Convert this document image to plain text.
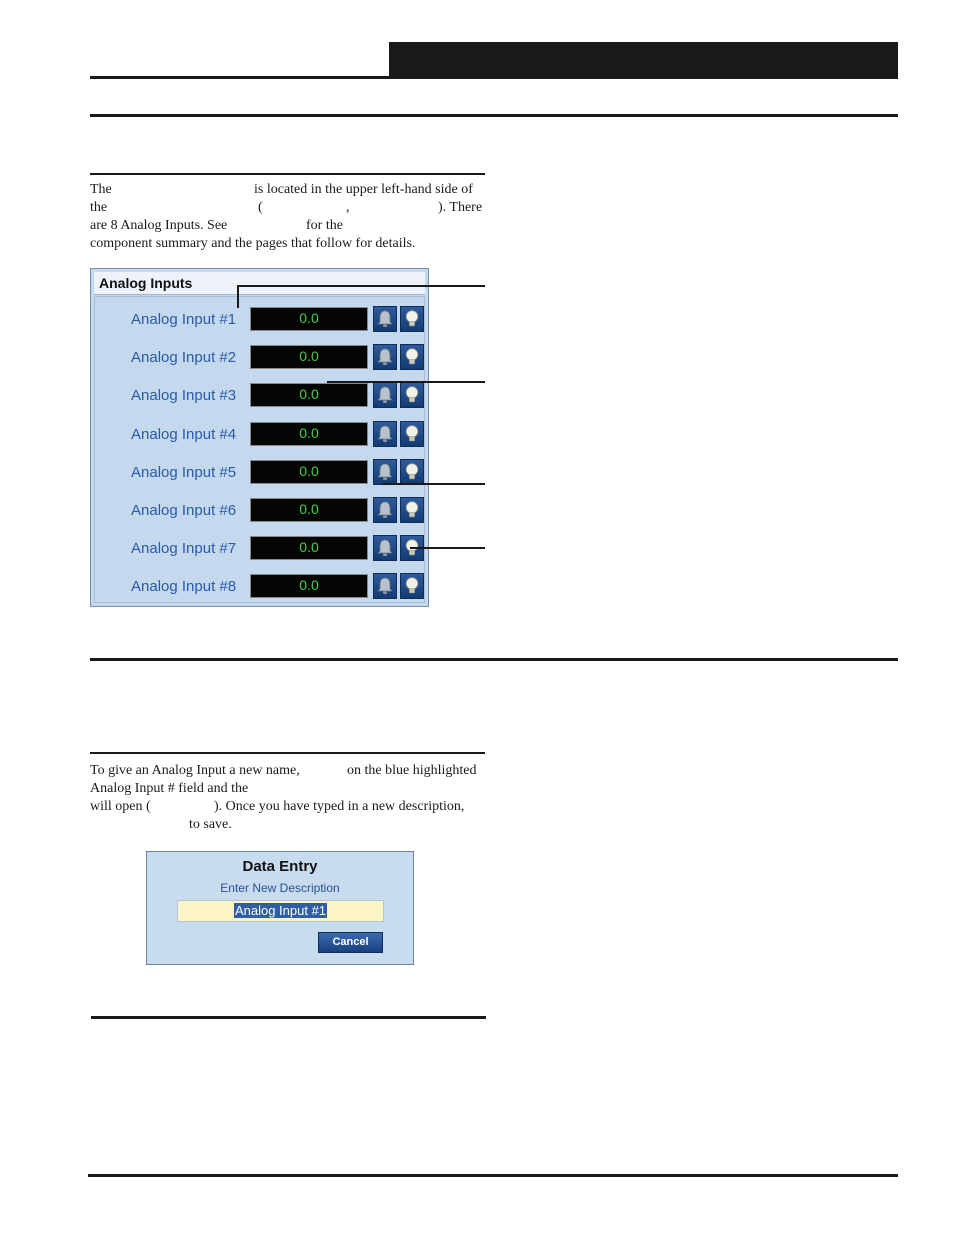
The	is located in the upper left-hand side of
the	(	,	). There
are 8 Analog Inputs. See	for the
component summary and the pages that follow for details.
Analog Inputs
Analog Input #1	0.0
Analog Input #2	0.0
Analog Input #3	0.0
Analog Input #4	0.0
Analog Input #5	0.0
Analog Input #6	0.0
Analog Input #7	0.0
Analog Input #8	0.0
To give an Analog Input a new name,	on the blue highlighted
Analog Input # field and the
will open (	). Once you have typed in a new description,
to save.
Data Entry
Enter New Description
Analog Input #1
Cancel
